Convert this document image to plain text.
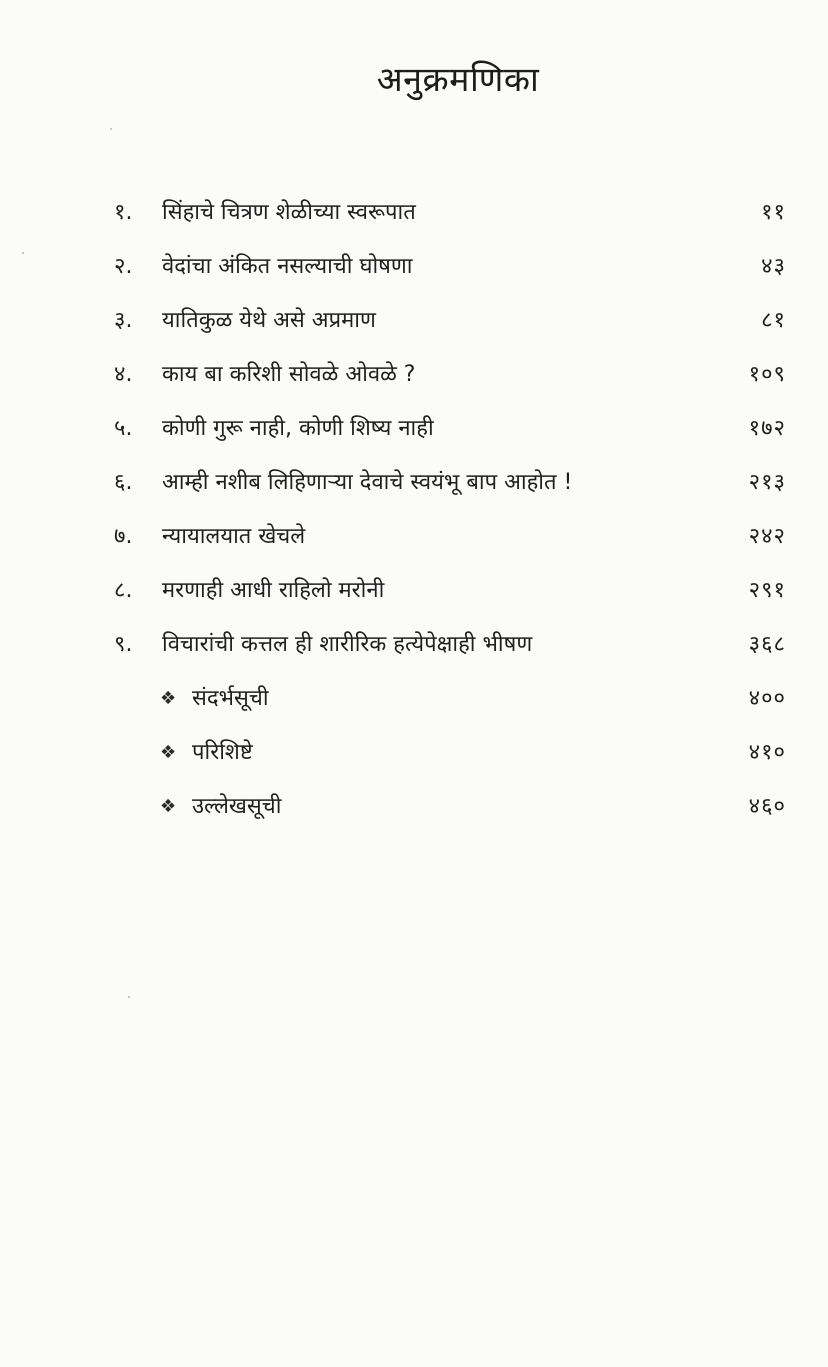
अनुक्रमणिका
१.	सिंहाचे चित्रण शेळीच्या स्वरूपात	११
२.	वेदांचा अंकित नसल्याची घोषणा	४३
३.	यातिकुळ येथे असे अप्रमाण	८१
४.	काय बा करिशी सोवळे ओवळे ?	१०९
५.	कोणी गुरू नाही, कोणी शिष्य नाही	१७२
६.	आम्ही नशीब लिहिणाऱ्या देवाचे स्वयंभू बाप आहोत !	२१३
७.	न्यायालयात खेचले	२४२
८.	मरणाही आधी राहिलो मरोनी	२९१
९.	विचारांची कत्तल ही शारीरिक हत्येपेक्षाही भीषण	३६८
❖ संदर्भसूची	४००
❖ परिशिष्टे	४१०
❖ उल्लेखसूची	४६०
